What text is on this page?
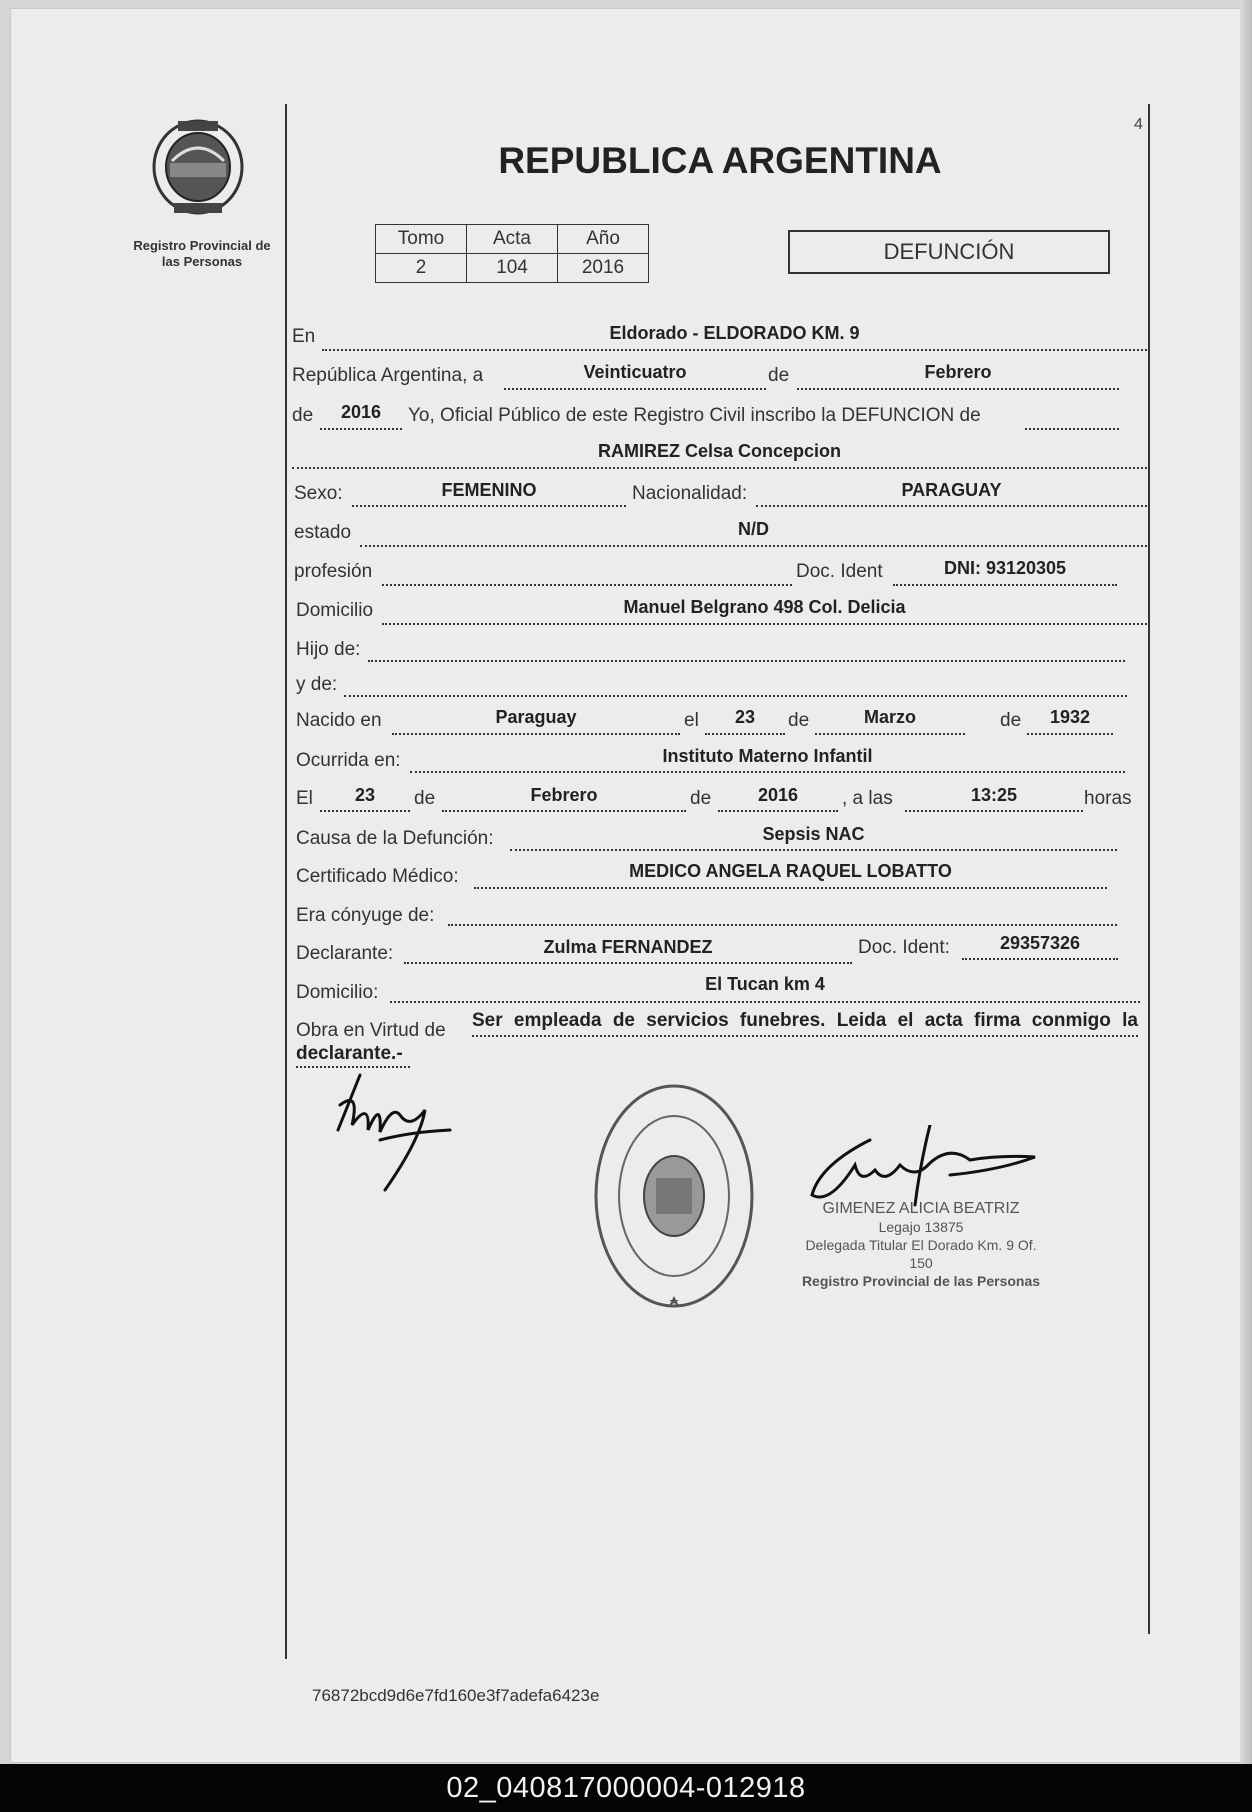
Registro Provincial de
las Personas
4
REPUBLICA ARGENTINA
Tomo	Acta	Año
2	104	2016
DEFUNCIÓN
En	Eldorado - ELDORADO KM. 9
República Argentina, a	Veinticuatro	de	Febrero
de	2016	Yo, Oficial Público de este Registro Civil inscribo la DEFUNCION de
RAMIREZ Celsa Concepcion
Sexo:	FEMENINO	Nacionalidad:	PARAGUAY
estado	N/D
profesión	Doc. Ident	DNI: 93120305
Domicilio	Manuel Belgrano 498 Col. Delicia
Hijo de:
y de:
Nacido en	Paraguay	el	23	de	Marzo	de	1932
Ocurrida en:	Instituto Materno Infantil
El	23	de	Febrero	de	2016	, a las	13:25	horas
Causa de la Defunción:	Sepsis NAC
Certificado Médico:	MEDICO ANGELA RAQUEL LOBATTO
Era cónyuge de:
Declarante:	Zulma FERNANDEZ	Doc. Ident:	29357326
Domicilio:	El Tucan km 4
Obra en Virtud de Ser empleada de servicios funebres. Leida el acta firma conmigo la
declarante.-
GIMENEZ ALICIA BEATRIZ
Legajo 13875
Delegada Titular El Dorado Km. 9 Of. 150
Registro Provincial de las Personas
76872bcd9d6e7fd160e3f7adefa6423e
02_040817000004-012918
